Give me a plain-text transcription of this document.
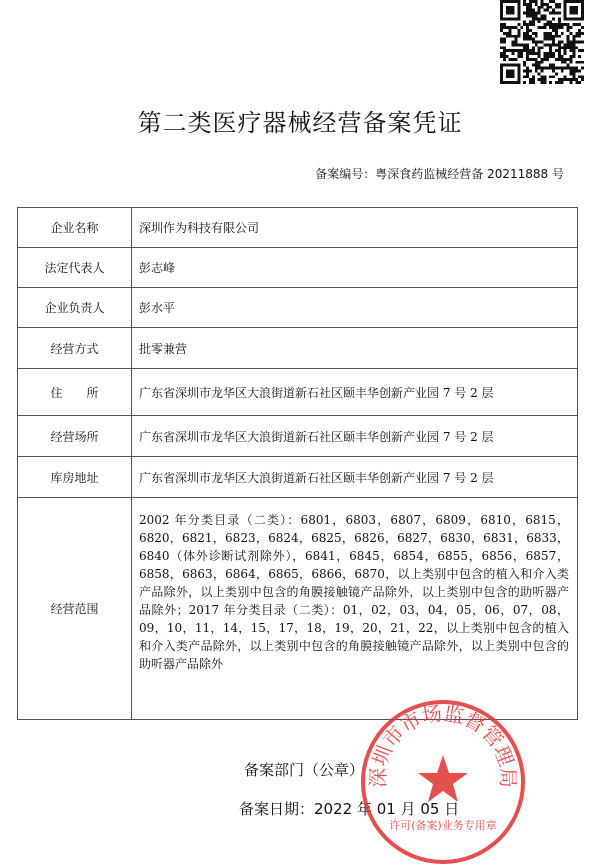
第二类医疗器械经营备案凭证
备案编号：粤深食药监械经营备 20211888 号
企业名称	深圳作为科技有限公司
法定代表人	彭志峰
企业负责人	彭水平
经营方式	批零兼营
住　　所	广东省深圳市龙华区大浪街道新石社区颐丰华创新产业园 7 号 2 层
经营场所	广东省深圳市龙华区大浪街道新石社区颐丰华创新产业园 7 号 2 层
库房地址	广东省深圳市龙华区大浪街道新石社区颐丰华创新产业园 7 号 2 层
经营范围	2002 年分类目录（二类）：6801，6803，6807，6809，6810，6815，6820，6821，6823，6824，6825，6826，6827，6830，6831，6833，6840（体外诊断试剂除外），6841，6845，6854，6855，6856，6857，6858，6863，6864，6865，6866，6870，以上类别中包含的植入和介入类产品除外，以上类别中包含的角膜接触镜产品除外，以上类别中包含的助听器产品除外；2017 年分类目录（二类）：01，02，03，04，05，06，07，08，09，10，11，14，15，17，18，19，20，21，22，以上类别中包含的植入和介入类产品除外，以上类别中包含的角膜接触镜产品除外，以上类别中包含的助听器产品除外
备案部门（公章）
备案日期：2022 年 01 月 05 日
深圳市市场监督管理局
许可(备案)业务专用章
